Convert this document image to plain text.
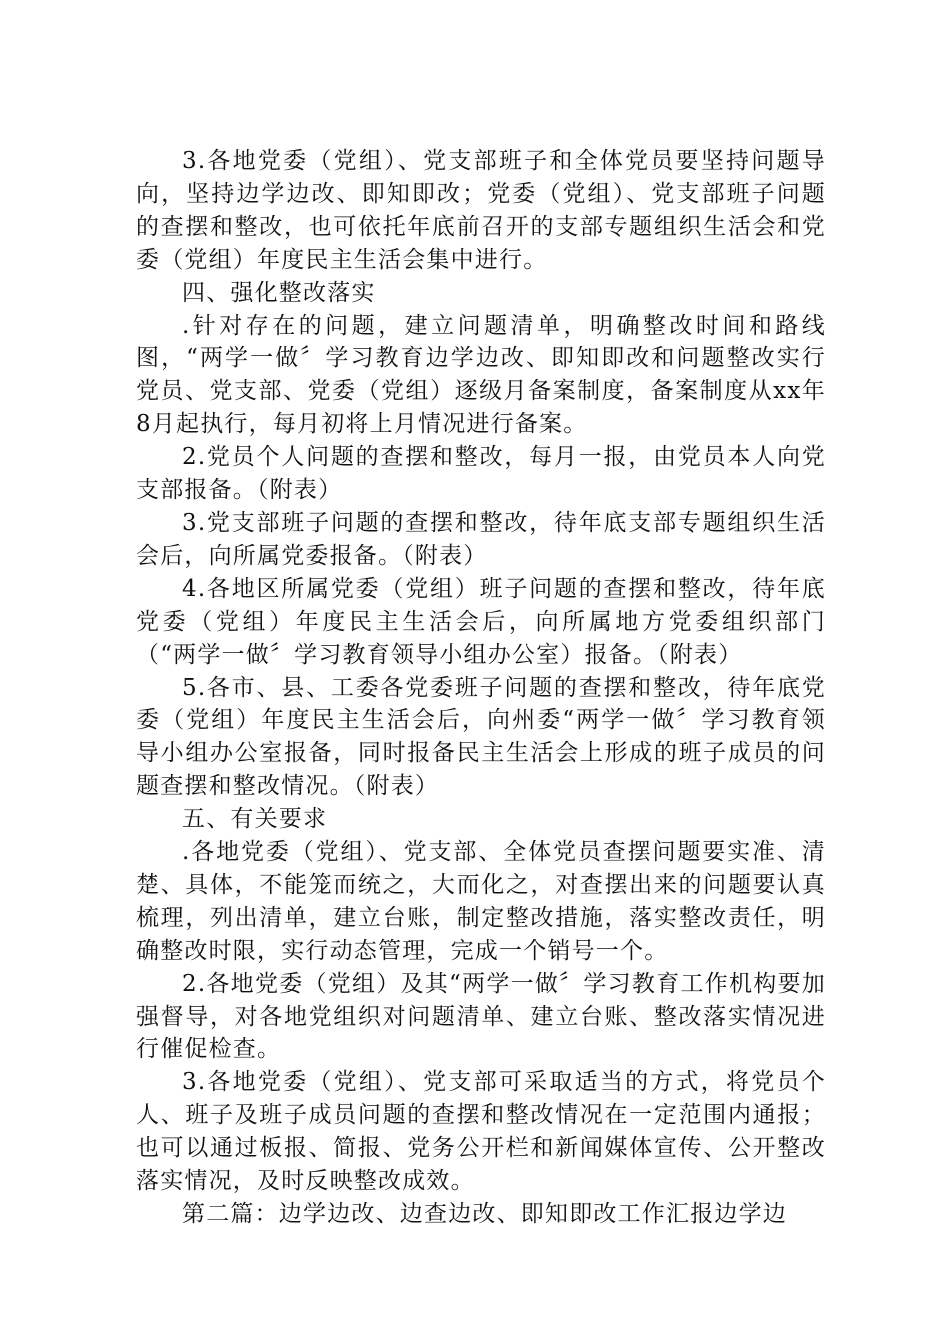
3.各地党委（党组）、党支部班子和全体党员要坚持问题导向，坚持边学边改、即知即改；党委（党组）、党支部班子问题的查摆和整改，也可依托年底前召开的支部专题组织生活会和党委（党组）年度民主生活会集中进行。

四、强化整改落实

.针对存在的问题，建立问题清单，明确整改时间和路线图，“两学一做〞学习教育边学边改、即知即改和问题整改实行党员、党支部、党委（党组）逐级月备案制度，备案制度从xx年8月起执行，每月初将上月情况进行备案。

2.党员个人问题的查摆和整改，每月一报，由党员本人向党支部报备。（附表）

3.党支部班子问题的查摆和整改，待年底支部专题组织生活会后，向所属党委报备。（附表）

4.各地区所属党委（党组）班子问题的查摆和整改，待年底党委（党组）年度民主生活会后，向所属地方党委组织部门（“两学一做〞学习教育领导小组办公室）报备。（附表）

5.各市、县、工委各党委班子问题的查摆和整改，待年底党委（党组）年度民主生活会后，向州委“两学一做〞学习教育领导小组办公室报备，同时报备民主生活会上形成的班子成员的问题查摆和整改情况。（附表）

五、有关要求

.各地党委（党组）、党支部、全体党员查摆问题要实准、清楚、具体，不能笼而统之，大而化之，对查摆出来的问题要认真梳理，列出清单，建立台账，制定整改措施，落实整改责任，明确整改时限，实行动态管理，完成一个销号一个。

2.各地党委（党组）及其“两学一做〞学习教育工作机构要加强督导，对各地党组织对问题清单、建立台账、整改落实情况进行催促检查。

3.各地党委（党组）、党支部可采取适当的方式，将党员个人、班子及班子成员问题的查摆和整改情况在一定范围内通报；也可以通过板报、简报、党务公开栏和新闻媒体宣传、公开整改落实情况，及时反映整改成效。

第二篇：边学边改、边查边改、即知即改工作汇报边学边
